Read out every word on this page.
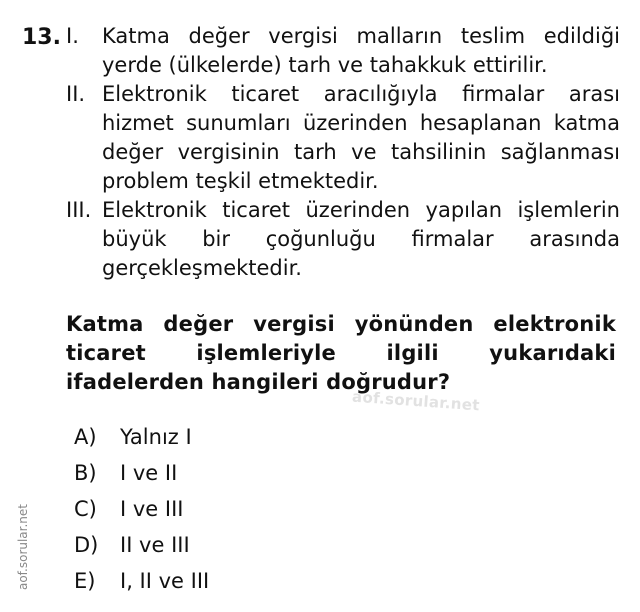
13. I.	Katma değer vergisi malların teslim edildiği yerde (ülkelerde) tarh ve tahakkuk ettirilir.
II. Elektronik ticaret aracılığıyla firmalar arası hizmet sunumları üzerinden hesaplanan katma değer vergisinin tarh ve tahsilinin sağlanması problem teşkil etmektedir.
III. Elektronik ticaret üzerinden yapılan işlemlerin büyük bir çoğunluğu firmalar arasında gerçekleşmektedir.
Katma değer vergisi yönünden elektronik ticaret işlemleriyle ilgili yukarıdaki ifadelerden hangileri doğrudur?
aof.sorular.net
A)	Yalnız I
B)	I ve II
C)	I ve III
D)	II ve III
E)	I, II ve III
aof.sorular.net
